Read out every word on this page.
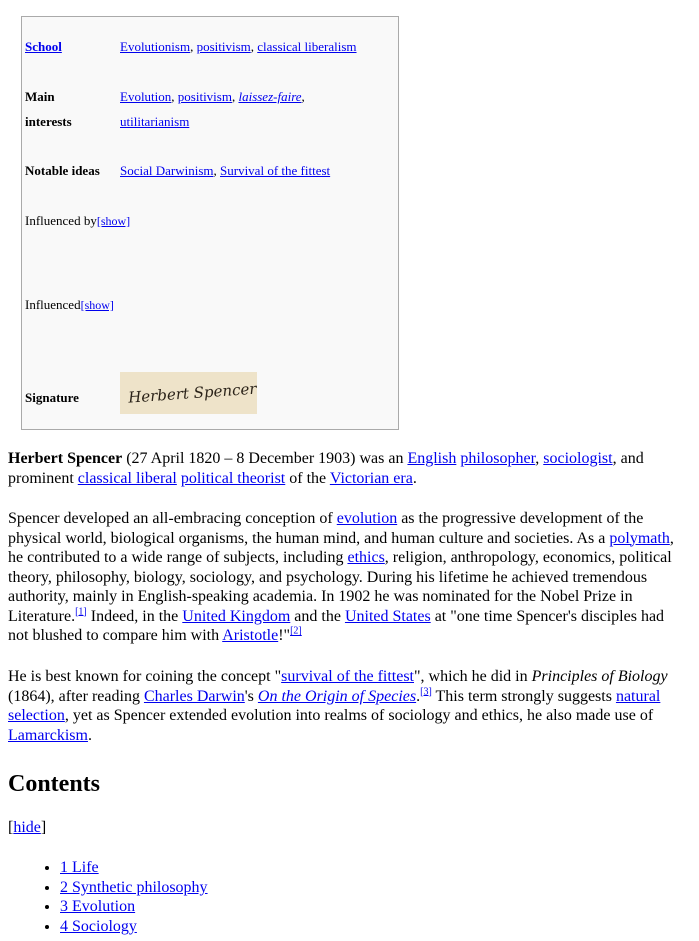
School	Evolutionism, positivism, classical liberalism
Main
interests
Evolution, positivism, laissez-faire,
utilitarianism
Notable ideas Social Darwinism, Survival of the fittest
Influenced by[show]
Influenced[show]
Signature	Herbert Spencer

Herbert Spencer (27 April 1820 – 8 December 1903) was an English philosopher, sociologist, and prominent classical liberal political theorist of the Victorian era.

Spencer developed an all-embracing conception of evolution as the progressive development of the physical world, biological organisms, the human mind, and human culture and societies. As a polymath, he contributed to a wide range of subjects, including ethics, religion, anthropology, economics, political theory, philosophy, biology, sociology, and psychology. During his lifetime he achieved tremendous authority, mainly in English-speaking academia. In 1902 he was nominated for the Nobel Prize in Literature.[1] Indeed, in the United Kingdom and the United States at "one time Spencer's disciples had not blushed to compare him with Aristotle!"[2]

He is best known for coining the concept "survival of the fittest", which he did in Principles of Biology (1864), after reading Charles Darwin's On the Origin of Species.[3] This term strongly suggests natural selection, yet as Spencer extended evolution into realms of sociology and ethics, he also made use of Lamarckism.

Contents
[hide]
• 1 Life
• 2 Synthetic philosophy
• 3 Evolution
• 4 Sociology
